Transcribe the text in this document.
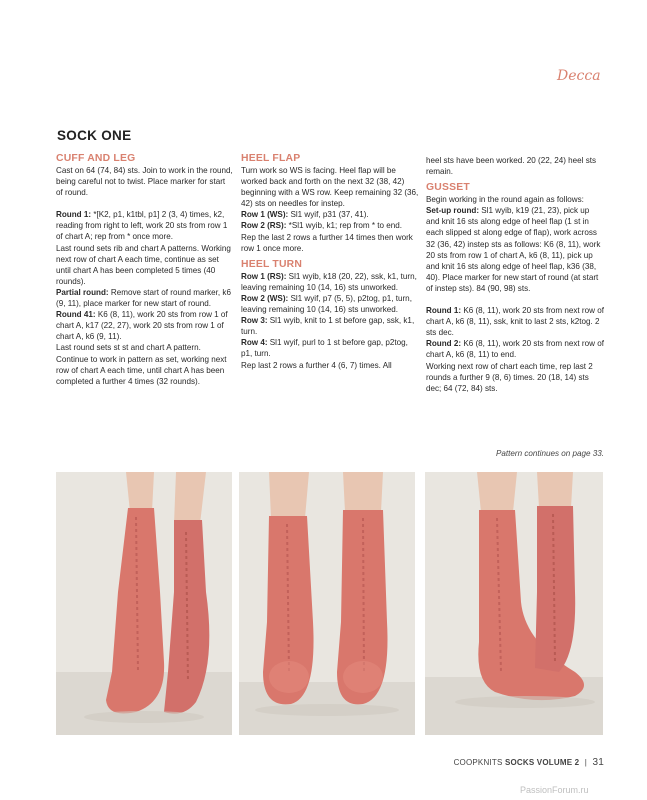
Decca
SOCK ONE

CUFF AND LEG

Cast on 64 (74, 84) sts. Join to work in the round, being careful not to twist. Place marker for start of round.

Round 1: *[K2, p1, k1tbl, p1] 2 (3, 4) times, k2, reading from right to left, work 20 sts from row 1 of chart A; rep from * once more.

Last round sets rib and chart A patterns. Working next row of chart A each time, continue as set until chart A has been completed 5 times (40 rounds).

Partial round: Remove start of round marker, k6 (9, 11), place marker for new start of round.

Round 41: K6 (8, 11), work 20 sts from row 1 of chart A, k17 (22, 27), work 20 sts from row 1 of chart A, k6 (9, 11).

Last round sets st st and chart A pattern. Continue to work in pattern as set, working next row of chart A each time, until chart A has been completed a further 4 times (32 rounds).

HEEL FLAP

Turn work so WS is facing. Heel flap will be worked back and forth on the next 32 (38, 42) beginning with a WS row. Keep remaining 32 (36, 42) sts on needles for instep.

Row 1 (WS): Sl1 wyif, p31 (37, 41).

Row 2 (RS): *Sl1 wyib, k1; rep from * to end.

Rep the last 2 rows a further 14 times then work row 1 once more.

HEEL TURN

Row 1 (RS): Sl1 wyib, k18 (20, 22), ssk, k1, turn, leaving remaining 10 (14, 16) sts unworked.

Row 2 (WS): Sl1 wyif, p7 (5, 5), p2tog, p1, turn, leaving remaining 10 (14, 16) sts unworked.

Row 3: Sl1 wyib, knit to 1 st before gap, ssk, k1, turn.

Row 4: Sl1 wyif, purl to 1 st before gap, p2tog, p1, turn.

Rep last 2 rows a further 4 (6, 7) times. All

heel sts have been worked. 20 (22, 24) heel sts remain.

GUSSET

Begin working in the round again as follows:

Set-up round: Sl1 wyib, k19 (21, 23), pick up and knit 16 sts along edge of heel flap (1 st in each slipped st along edge of flap), work across 32 (36, 42) instep sts as follows: K6 (8, 11), work 20 sts from row 1 of chart A, k6 (8, 11), pick up and knit 16 sts along edge of heel flap, k36 (38, 40). Place marker for new start of round (at start of instep sts). 84 (90, 98) sts.

Round 1: K6 (8, 11), work 20 sts from next row of chart A, k6 (8, 11), ssk, knit to last 2 sts, k2tog. 2 sts dec.

Round 2: K6 (8, 11), work 20 sts from next row of chart A, k6 (8, 11) to end.

Working next row of chart each time, rep last 2 rounds a further 9 (8, 6) times. 20 (18, 14) sts dec; 64 (72, 84) sts.

Pattern continues on page 33.
COOPKNITS SOCKS VOLUME 2 | 31
PassionForum.ru
